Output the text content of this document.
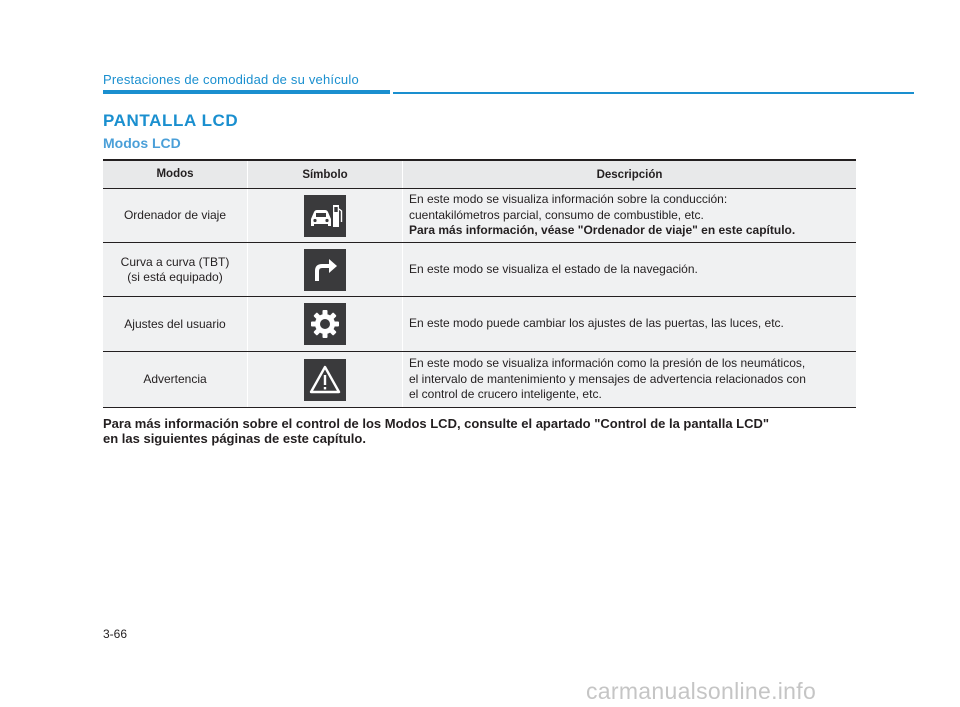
Prestaciones de comodidad de su vehículo
PANTALLA LCD
Modos LCD
Modos	Símbolo	Descripción

Ordenador de viaje		En este modo se visualiza información sobre la conducción:
cuentakilómetros parcial, consumo de combustible, etc.
Para más información, véase "Ordenador de viaje" en este capítulo.

Curva a curva (TBT)
(si está equipado)		En este modo se visualiza el estado de la navegación.

Ajustes del usuario		En este modo puede cambiar los ajustes de las puertas, las luces, etc.

Advertencia		En este modo se visualiza información como la presión de los neumáticos,
el intervalo de mantenimiento y mensajes de advertencia relacionados con
el control de crucero inteligente, etc.
Para más información sobre el control de los Modos LCD, consulte el apartado "Control de la pantalla LCD"
en las siguientes páginas de este capítulo.
3-66
carmanualsonline.info
